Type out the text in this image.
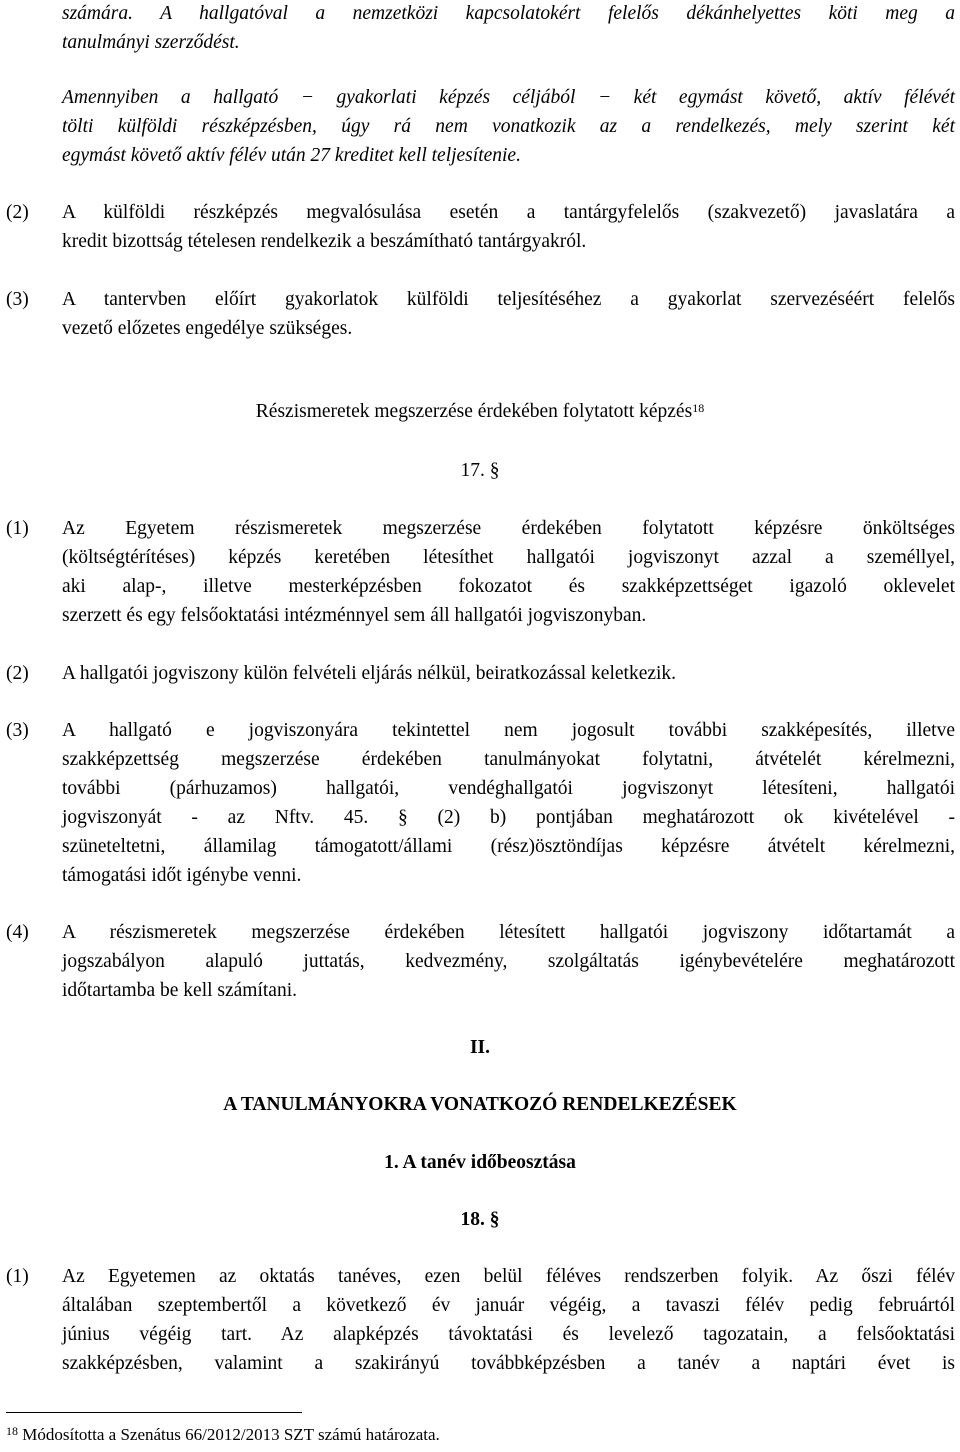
számára. A hallgatóval a nemzetközi kapcsolatokért felelős dékánhelyettes köti meg a
tanulmányi szerződést.
Amennyiben a hallgató − gyakorlati képzés céljából − két egymást követő, aktív félévét
tölti külföldi részképzésben, úgy rá nem vonatkozik az a rendelkezés, mely szerint két
egymást követő aktív félév után 27 kreditet kell teljesítenie.
(2) A külföldi részképzés megvalósulása esetén a tantárgyfelelős (szakvezető) javaslatára a
kredit bizottság tételesen rendelkezik a beszámítható tantárgyakról.
(3) A tantervben előírt gyakorlatok külföldi teljesítéséhez a gyakorlat szervezéséért felelős
vezető előzetes engedélye szükséges.
Részismeretek megszerzése érdekében folytatott képzés$^{18}$
17. §
(1) Az Egyetem részismeretek megszerzése érdekében folytatott képzésre önköltséges
(költségtérítéses) képzés keretében létesíthet hallgatói jogviszonyt azzal a személlyel,
aki alap-, illetve mesterképzésben fokozatot és szakképzettséget igazoló oklevelet
szerzett és egy felsőoktatási intézménnyel sem áll hallgatói jogviszonyban.
(2) A hallgatói jogviszony külön felvételi eljárás nélkül, beiratkozással keletkezik.
(3) A hallgató e jogviszonyára tekintettel nem jogosult további szakképesítés, illetve
szakképzettség megszerzése érdekében tanulmányokat folytatni, átvételét kérelmezni,
további (párhuzamos) hallgatói, vendéghallgatói jogviszonyt létesíteni, hallgatói
jogviszonyát - az Nftv. 45. § (2) b) pontjában meghatározott ok kivételével -
szüneteltetni, államilag támogatott/állami (rész)ösztöndíjas képzésre átvételt kérelmezni,
támogatási időt igénybe venni.
(4) A részismeretek megszerzése érdekében létesített hallgatói jogviszony időtartamát a
jogszabályon alapuló juttatás, kedvezmény, szolgáltatás igénybevételére meghatározott
időtartamba be kell számítani.
II.
A TANULMÁNYOKRA VONATKOZÓ RENDELKEZÉSEK
1. A tanév időbeosztása
18. §
(1) Az Egyetemen az oktatás tanéves, ezen belül féléves rendszerben folyik. Az őszi félév
általában szeptembertől a következő év január végéig, a tavaszi félév pedig februártól
június végéig tart. Az alapképzés távoktatási és levelező tagozatain, a felsőoktatási
szakképzésben, valamint a szakirányú továbbképzésben a tanév a naptári évet is
$^{18}$ Módosította a Szenátus 66/2012/2013 SZT számú határozata.
